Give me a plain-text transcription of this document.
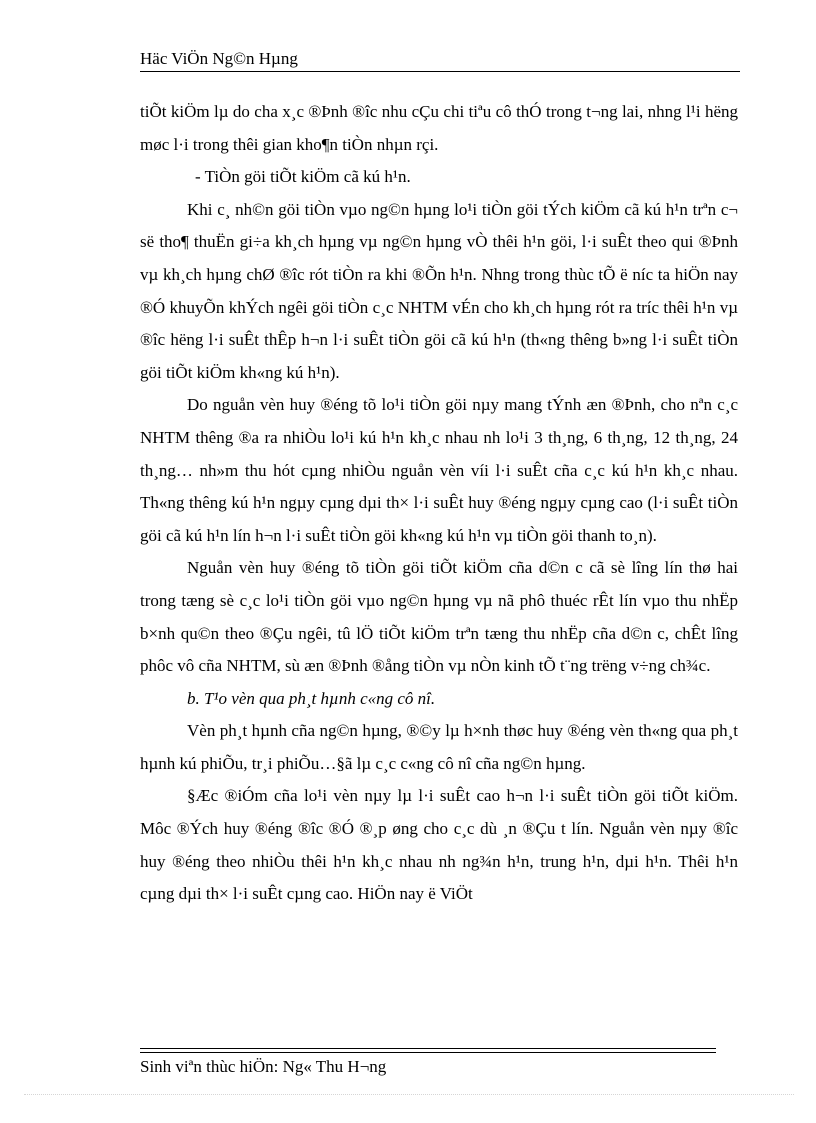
Häc ViÖn Ng©n Hµng

tiÕt kiÖm lµ do cha x¸c ®Þnh ®îc nhu cÇu chi tiªu cô thÓ trong t¬ng lai, nhng l¹i hëng møc l·i trong thêi gian kho¶n tiÒn nhµn rçi.

- TiÒn göi tiÕt kiÖm cã kú h¹n.

Khi c¸ nh©n göi tiÒn vµo ng©n hµng lo¹i tiÒn göi tÝch kiÖm cã kú h¹n trªn c¬ së tho¶ thuËn gi÷a kh¸ch hµng vµ ng©n hµng vÒ thêi h¹n göi, l·i suÊt theo qui ®Þnh vµ kh¸ch hµng chØ ®îc rót tiÒn ra khi ®Õn h¹n. Nhng trong thùc tÕ ë níc ta hiÖn nay ®Ó khuyÕn khÝch ngêi göi tiÒn c¸c NHTM vÉn cho kh¸ch hµng rót ra tríc thêi h¹n vµ ®îc hëng l·i suÊt thÊp h¬n l·i suÊt tiÒn göi cã kú h¹n (th«ng thêng b»ng l·i suÊt tiÒn göi tiÕt kiÖm kh«ng kú h¹n).

Do nguån vèn huy ®éng tõ lo¹i tiÒn göi nµy mang tÝnh æn ®Þnh, cho nªn c¸c NHTM thêng ®a ra nhiÒu lo¹i kú h¹n kh¸c nhau nh lo¹i 3 th¸ng, 6 th¸ng, 12 th¸ng, 24 th¸ng… nh»m thu hót cµng nhiÒu nguån vèn víi l·i suÊt cña c¸c kú h¹n kh¸c nhau. Th«ng thêng kú h¹n ngµy cµng dµi th× l·i suÊt huy ®éng ngµy cµng cao (l·i suÊt tiÒn göi cã kú h¹n lín h¬n l·i suÊt tiÒn göi kh«ng kú h¹n vµ tiÒn göi thanh to¸n).

Nguån vèn huy ®éng tõ tiÒn göi tiÕt kiÖm cña d©n c cã sè lîng lín thø hai trong tæng sè c¸c lo¹i tiÒn göi vµo ng©n hµng vµ nã phô thuéc rÊt lín vµo thu nhËp b×nh qu©n theo ®Çu ngêi, tû lÖ tiÕt kiÖm trªn tæng thu nhËp cña d©n c, chÊt lîng phôc vô cña NHTM, sù æn ®Þnh ®ång tiÒn vµ nÒn kinh tÕ t¨ng trëng v÷ng ch¾c.

b. T¹o vèn qua ph¸t hµnh c«ng cô nî.

Vèn ph¸t hµnh cña ng©n hµng, ®©y lµ h×nh thøc huy ®éng vèn th«ng qua ph¸t hµnh kú phiÕu, tr¸i phiÕu…§ã lµ c¸c c«ng cô nî cña ng©n hµng.

§Æc ®iÓm cña lo¹i vèn nµy lµ l·i suÊt cao h¬n l·i suÊt tiÒn göi tiÕt kiÖm. Môc ®Ých huy ®éng ®îc ®Ó ®¸p øng cho c¸c dù ¸n ®Çu t lín. Nguån vèn nµy ®îc huy ®éng theo nhiÒu thêi h¹n kh¸c nhau nh ng¾n h¹n, trung h¹n, dµi h¹n. Thêi h¹n cµng dµi th× l·i suÊt cµng cao. HiÖn nay ë ViÖt

Sinh viªn thùc hiÖn: Ng« Thu H¬ng
